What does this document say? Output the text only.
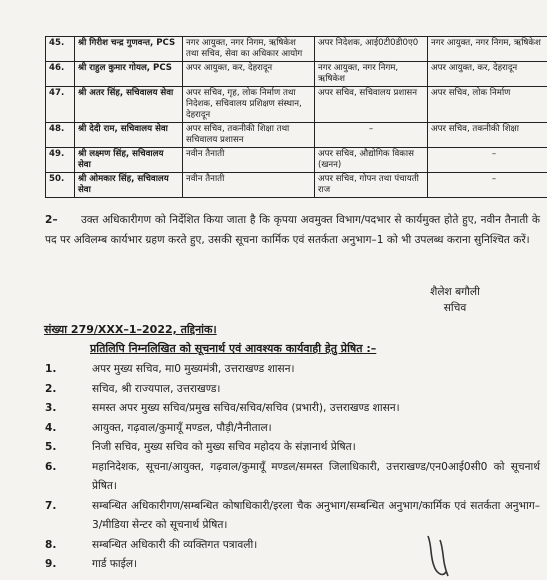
45.	श्री गिरीश चन्द्र गुणवन्त, PCS	नगर आयुक्त, नगर निगम, ऋषिकेश तथा सचिव, सेवा का अधिकार आयोग	अपर निदेशक, आई0टी0डी0ए0	नगर आयुक्त, नगर निगम, ऋषिकेश
46.	श्री राहुल कुमार गोयल, PCS	अपर आयुक्त, कर, देहरादून	नगर आयुक्त, नगर निगम, ऋषिकेश	अपर आयुक्त, कर, देहरादून
47.	श्री अतर सिंह, सचिवालय सेवा	अपर सचिव, गृह, लोक निर्माण तथा निदेशक, सचिवालय प्रशिक्षण संस्थान, देहरादून	अपर सचिव, सचिवालय प्रशासन	अपर सचिव, लोक निर्माण
48.	श्री देदी राम, सचिवालय सेवा	अपर सचिव, तकनीकी शिक्षा तथा सचिवालय प्रशासन	–	अपर सचिव, तकनीकी शिक्षा
49.	श्री लक्ष्मण सिंह, सचिवालय सेवा	नवीन तैनाती	अपर सचिव, औद्योगिक विकास (खनन)	–
50.	श्री ओमकार सिंह, सचिवालय सेवा	नवीन तैनाती	अपर सचिव, गोपन तथा पंचायती राज	–
2– उक्त अधिकारीगण को निर्देशित किया जाता है कि कृपया अवमुक्त विभाग/पदभार से कार्यमुक्त होते हुए, नवीन तैनाती के पद पर अविलम्ब कार्यभार ग्रहण करते हुए, उसकी सूचना कार्मिक एवं सतर्कता अनुभाग–1 को भी उपलब्ध कराना सुनिश्चित करें।
शैलेश बगौली
सचिव
संख्या 279/XXX–1–2022, तद्दिनांक।
प्रतिलिपि निम्नलिखित को सूचनार्थ एवं आवश्यक कार्यवाही हेतु प्रेषित :–
1.	अपर मुख्य सचिव, मा0 मुख्यमंत्री, उत्तराखण्ड शासन।
2.	सचिव, श्री राज्यपाल, उत्तराखण्ड।
3.	समस्त अपर मुख्य सचिव/प्रमुख सचिव/सचिव/सचिव (प्रभारी), उत्तराखण्ड शासन।
4.	आयुक्त, गढ़वाल/कुमायूँ मण्डल, पौड़ी/नैनीताल।
5.	निजी सचिव, मुख्य सचिव को मुख्य सचिव महोदय के संज्ञानार्थ प्रेषित।
6.	महानिदेशक, सूचना/आयुक्त, गढ़वाल/कुमायूँ मण्डल/समस्त जिलाधिकारी, उत्तराखण्ड/एन0आई0सी0 को सूचनार्थ प्रेषित।
7.	सम्बन्धित अधिकारीगण/सम्बन्धित कोषाधिकारी/इरला चैक अनुभाग/सम्बन्धित अनुभाग/कार्मिक एवं सतर्कता अनुभाग–3/मीडिया सेन्टर को सूचनार्थ प्रेषित।
8.	सम्बन्धित अधिकारी की व्यक्तिगत पत्रावली।
9.	गार्ड फाईल।
